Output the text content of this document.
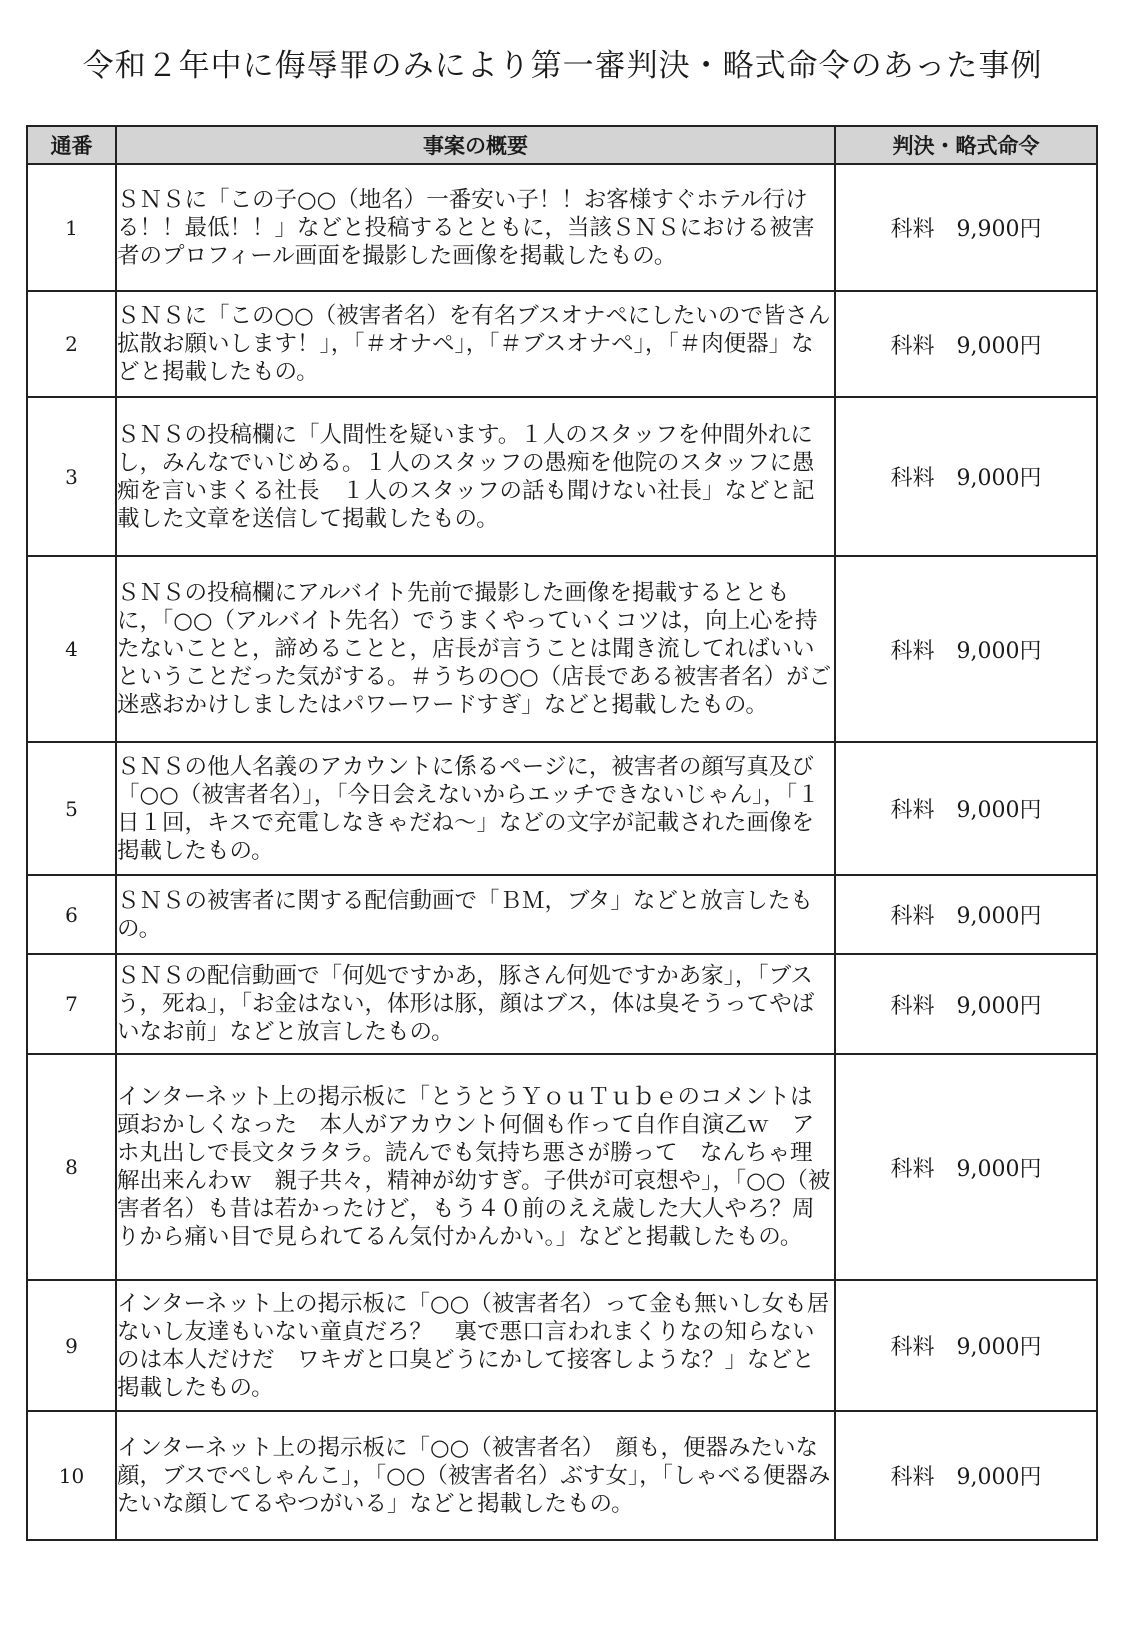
令和２年中に侮辱罪のみにより第一審判決・略式命令のあった事例
通番	事案の概要	判決・略式命令
1	ＳＮＳに「この子○○（地名）一番安い子！！お客様すぐホテル行ける！！最低！！」などと投稿するとともに，当該ＳＮＳにおける被害者のプロフィール画面を撮影した画像を掲載したもの。	科料　9,900円
2	ＳＮＳに「この○○（被害者名）を有名ブスオナペにしたいので皆さん拡散お願いします！」，「＃オナペ」，「＃ブスオナペ」，「＃肉便器」などと掲載したもの。	科料　9,000円
3	ＳＮＳの投稿欄に「人間性を疑います。１人のスタッフを仲間外れにし，みんなでいじめる。１人のスタッフの愚痴を他院のスタッフに愚痴を言いまくる社長　１人のスタッフの話も聞けない社長」などと記載した文章を送信して掲載したもの。	科料　9,000円
4	ＳＮＳの投稿欄にアルバイト先前で撮影した画像を掲載するとともに，「○○（アルバイト先名）でうまくやっていくコツは，向上心を持たないことと，諦めることと，店長が言うことは聞き流してればいいということだった気がする。＃うちの○○（店長である被害者名）がご迷惑おかけしましたはパワーワードすぎ」などと掲載したもの。	科料　9,000円
5	ＳＮＳの他人名義のアカウントに係るページに，被害者の顔写真及び「○○（被害者名）」，「今日会えないからエッチできないじゃん」，「１日１回，キスで充電しなきゃだね～」などの文字が記載された画像を掲載したもの。	科料　9,000円
6	ＳＮＳの被害者に関する配信動画で「ＢＭ，ブタ」などと放言したもの。	科料　9,000円
7	ＳＮＳの配信動画で「何処ですかあ，豚さん何処ですかあ家」，「ブスう，死ね」，「お金はない，体形は豚，顔はブス，体は臭そうってやばいなお前」などと放言したもの。	科料　9,000円
8	インターネット上の掲示板に「とうとうＹｏｕＴｕｂｅのコメントは頭おかしくなった　本人がアカウント何個も作って自作自演乙ｗ　アホ丸出しで長文タラタラ。読んでも気持ち悪さが勝って　なんちゃ理解出来んわｗ　親子共々，精神が幼すぎ。子供が可哀想や」，「○○（被害者名）も昔は若かったけど，もう４０前のええ歳した大人やろ？周りから痛い目で見られてるん気付かんかい。」などと掲載したもの。	科料　9,000円
9	インターネット上の掲示板に「○○（被害者名）って金も無いし女も居ないし友達もいない童貞だろ？　裏で悪口言われまくりなの知らないのは本人だけだ　ワキガと口臭どうにかして接客しような？」などと掲載したもの。	科料　9,000円
10	インターネット上の掲示板に「○○（被害者名）　顔も，便器みたいな顔，ブスでぺしゃんこ」，「○○（被害者名）ぶす女」，「しゃべる便器みたいな顔してるやつがいる」などと掲載したもの。	科料　9,000円
